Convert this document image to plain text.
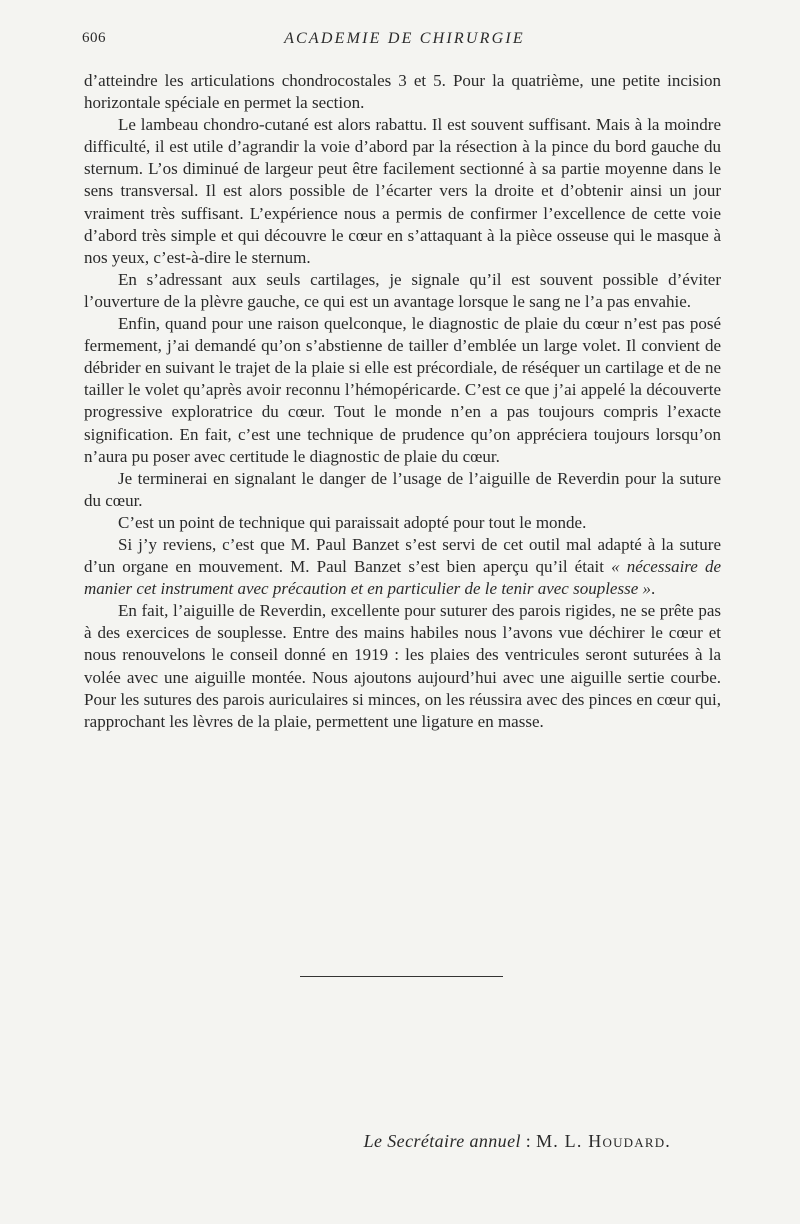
606	ACADEMIE DE CHIRURGIE

d’atteindre les articulations chondrocostales 3 et 5. Pour la quatrième, une petite incision horizontale spéciale en permet la section.

Le lambeau chondro-cutané est alors rabattu. Il est souvent suffisant. Mais à la moindre difficulté, il est utile d’agrandir la voie d’abord par la résection à la pince du bord gauche du sternum. L’os diminué de largeur peut être facilement sectionné à sa partie moyenne dans le sens transversal. Il est alors possible de l’écarter vers la droite et d’obtenir ainsi un jour vraiment très suffisant. L’expérience nous a permis de confirmer l’excellence de cette voie d’abord très simple et qui découvre le cœur en s’attaquant à la pièce osseuse qui le masque à nos yeux, c’est-à-dire le sternum.

En s’adressant aux seuls cartilages, je signale qu’il est souvent possible d’éviter l’ouverture de la plèvre gauche, ce qui est un avantage lorsque le sang ne l’a pas envahie.

Enfin, quand pour une raison quelconque, le diagnostic de plaie du cœur n’est pas posé fermement, j’ai demandé qu’on s’abstienne de tailler d’emblée un large volet. Il convient de débrider en suivant le trajet de la plaie si elle est précordiale, de réséquer un cartilage et de ne tailler le volet qu’après avoir reconnu l’hémopéricarde. C’est ce que j’ai appelé la découverte progressive exploratrice du cœur. Tout le monde n’en a pas toujours compris l’exacte signification. En fait, c’est une technique de prudence qu’on appréciera toujours lorsqu’on n’aura pu poser avec certitude le diagnostic de plaie du cœur.

Je terminerai en signalant le danger de l’usage de l’aiguille de Reverdin pour la suture du cœur.

C’est un point de technique qui paraissait adopté pour tout le monde.

Si j’y reviens, c’est que M. Paul Banzet s’est servi de cet outil mal adapté à la suture d’un organe en mouvement. M. Paul Banzet s’est bien aperçu qu’il était « nécessaire de manier cet instrument avec précaution et en particulier de le tenir avec souplesse ».

En fait, l’aiguille de Reverdin, excellente pour suturer des parois rigides, ne se prête pas à des exercices de souplesse. Entre des mains habiles nous l’avons vue déchirer le cœur et nous renouvelons le conseil donné en 1919 : les plaies des ventricules seront suturées à la volée avec une aiguille montée. Nous ajoutons aujourd’hui avec une aiguille sertie courbe. Pour les sutures des parois auriculaires si minces, on les réussira avec des pinces en cœur qui, rapprochant les lèvres de la plaie, permettent une ligature en masse.

Le Secrétaire annuel : M. L. Houdard.
